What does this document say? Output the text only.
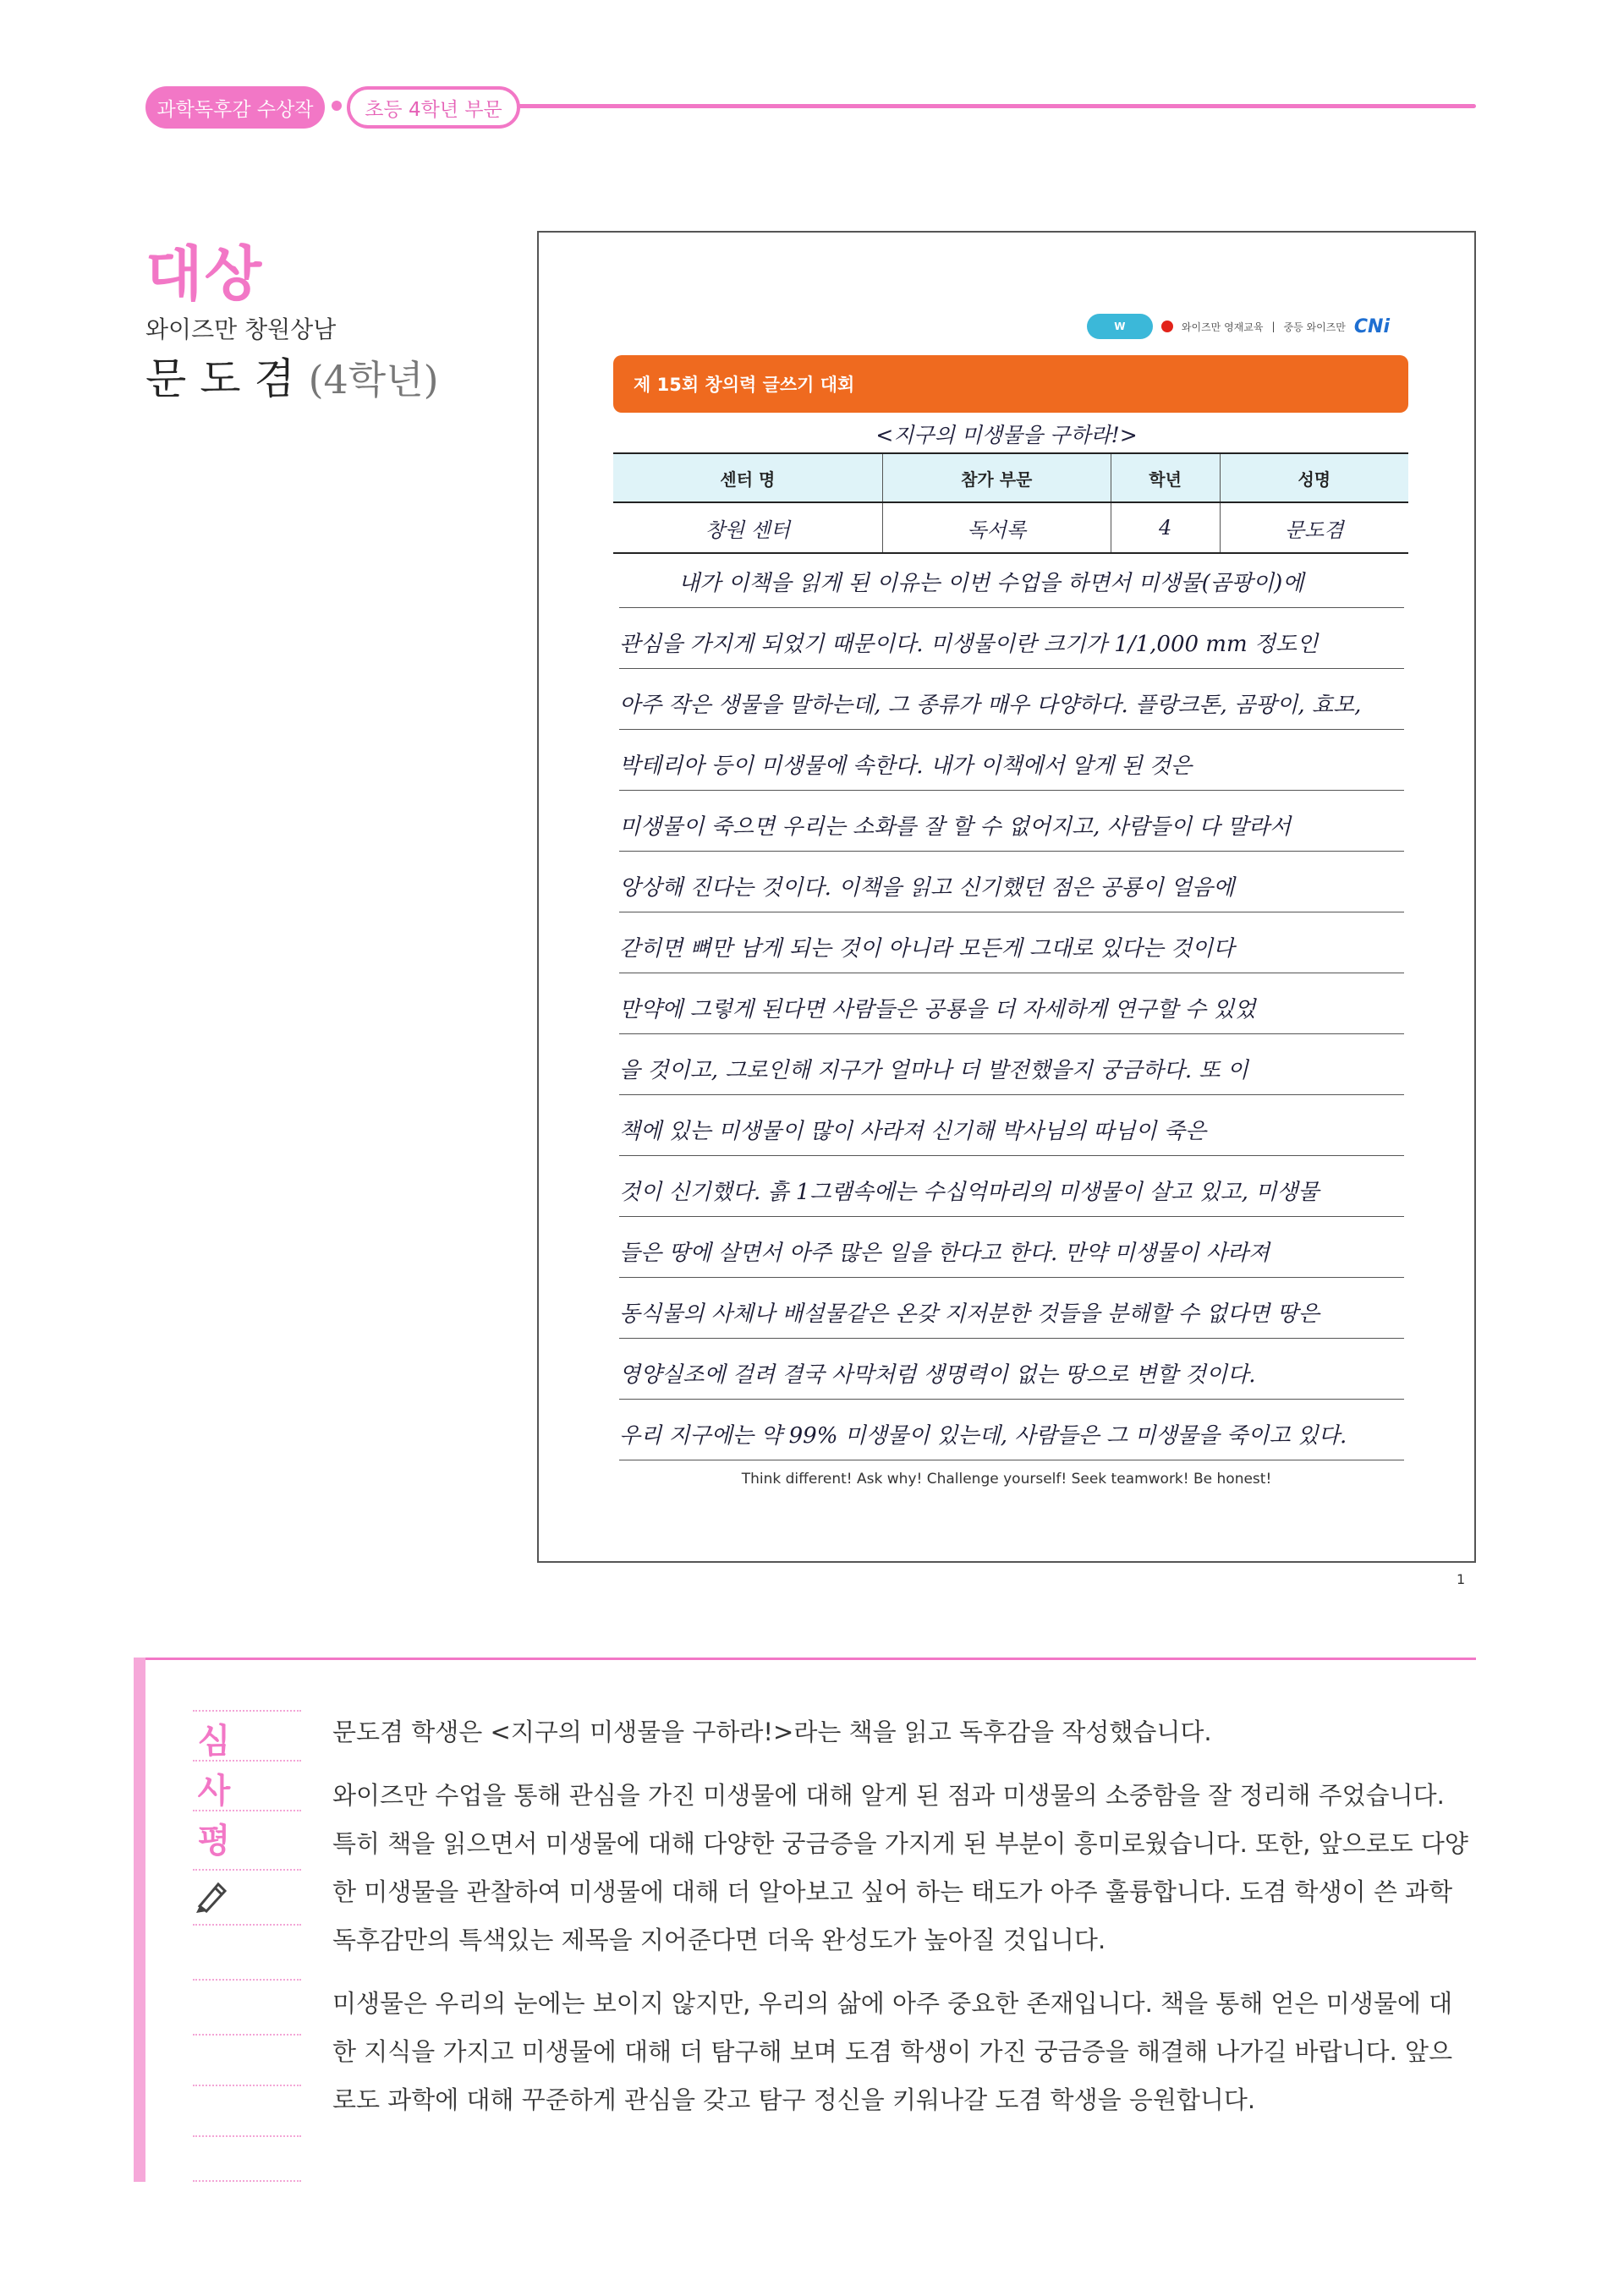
과학독후감 수상작	초등 4학년 부문
대상
와이즈만 창원상남
문 도 겸 (4학년)
W	와이즈만 영재교육 | 중등 와이즈만 CNi
제 15회 창의력 글쓰기 대회
<지구의 미생물을 구하라!>
센터 명	참가 부문	학년	성명
창원 센터	독서록	4	문도겸
내가 이책을 읽게 된 이유는 이번 수업을 하면서 미생물(곰팡이)에
관심을 가지게 되었기 때문이다. 미생물이란 크기가 1/1,000 mm 정도인
아주 작은 생물을 말하는데, 그 종류가 매우 다양하다. 플랑크톤, 곰팡이, 효모,
박테리아 등이 미생물에 속한다. 내가 이책에서 알게 된 것은
미생물이 죽으면 우리는 소화를 잘 할 수 없어지고, 사람들이 다 말라서
앙상해 진다는 것이다. 이책을 읽고 신기했던 점은 공룡이 얼음에
갇히면 뼈만 남게 되는 것이 아니라 모든게 그대로 있다는 것이다
만약에 그렇게 된다면 사람들은 공룡을 더 자세하게 연구할 수 있었
을 것이고, 그로인해 지구가 얼마나 더 발전했을지 궁금하다. 또 이
책에 있는 미생물이 많이 사라져 신기해 박사님의 따님이 죽은
것이 신기했다. 흙 1그램속에는 수십억마리의 미생물이 살고 있고, 미생물
들은 땅에 살면서 아주 많은 일을 한다고 한다. 만약 미생물이 사라져
동식물의 사체나 배설물같은 온갖 지저분한 것들을 분해할 수 없다면 땅은
영양실조에 걸려 결국 사막처럼 생명력이 없는 땅으로 변할 것이다.
우리 지구에는 약 99% 미생물이 있는데, 사람들은 그 미생물을 죽이고 있다.
Think different! Ask why! Challenge yourself! Seek teamwork! Be honest!
1
심
사
평

문도겸 학생은 <지구의 미생물을 구하라!>라는 책을 읽고 독후감을 작성했습니다.

와이즈만 수업을 통해 관심을 가진 미생물에 대해 알게 된 점과 미생물의 소중함을 잘 정리해 주었습니다. 특히 책을 읽으면서 미생물에 대해 다양한 궁금증을 가지게 된 부분이 흥미로웠습니다. 또한, 앞으로도 다양한 미생물을 관찰하여 미생물에 대해 더 알아보고 싶어 하는 태도가 아주 훌륭합니다. 도겸 학생이 쓴 과학독후감만의 특색있는 제목을 지어준다면 더욱 완성도가 높아질 것입니다.

미생물은 우리의 눈에는 보이지 않지만, 우리의 삶에 아주 중요한 존재입니다. 책을 통해 얻은 미생물에 대한 지식을 가지고 미생물에 대해 더 탐구해 보며 도겸 학생이 가진 궁금증을 해결해 나가길 바랍니다. 앞으로도 과학에 대해 꾸준하게 관심을 갖고 탐구 정신을 키워나갈 도겸 학생을 응원합니다.
